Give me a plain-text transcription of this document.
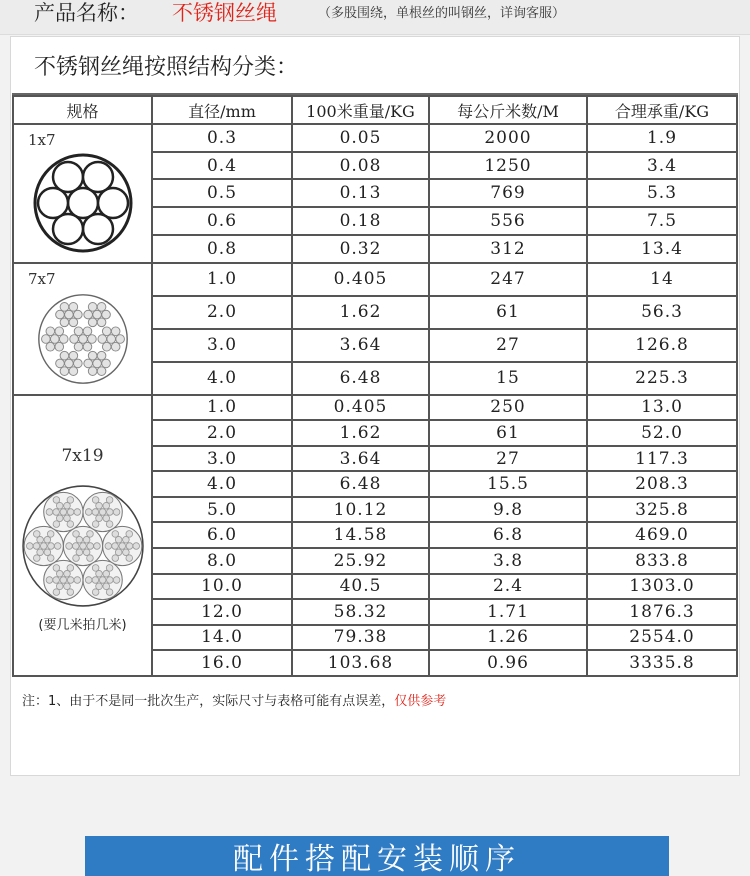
产品名称： 不锈钢丝绳	（多股围绕，单根丝的叫钢丝，详询客服）
不锈钢丝绳按照结构分类：
规格	直径/mm	100米重量/KG	每公斤米数/M	合理承重/KG

1x7	0.3	0.05	2000	1.9
	0.4	0.08	1250	3.4
	0.5	0.13	769	5.3
	0.6	0.18	556	7.5
	0.8	0.32	312	13.4

7x7	1.0	0.405	247	14
	2.0	1.62	61	56.3
	3.0	3.64	27	126.8
	4.0	6.48	15	225.3

7x19
(要几米拍几米)	1.0	0.405	250	13.0
	2.0	1.62	61	52.0
	3.0	3.64	27	117.3
	4.0	6.48	15.5	208.3
	5.0	10.12	9.8	325.8
	6.0	14.58	6.8	469.0
	8.0	25.92	3.8	833.8
	10.0	40.5	2.4	1303.0
	12.0	58.32	1.71	1876.3
	14.0	79.38	1.26	2554.0
	16.0	103.68	0.96	3335.8
注：1、由于不是同一批次生产，实际尺寸与表格可能有点误差，仅供参考
配件搭配安装顺序
